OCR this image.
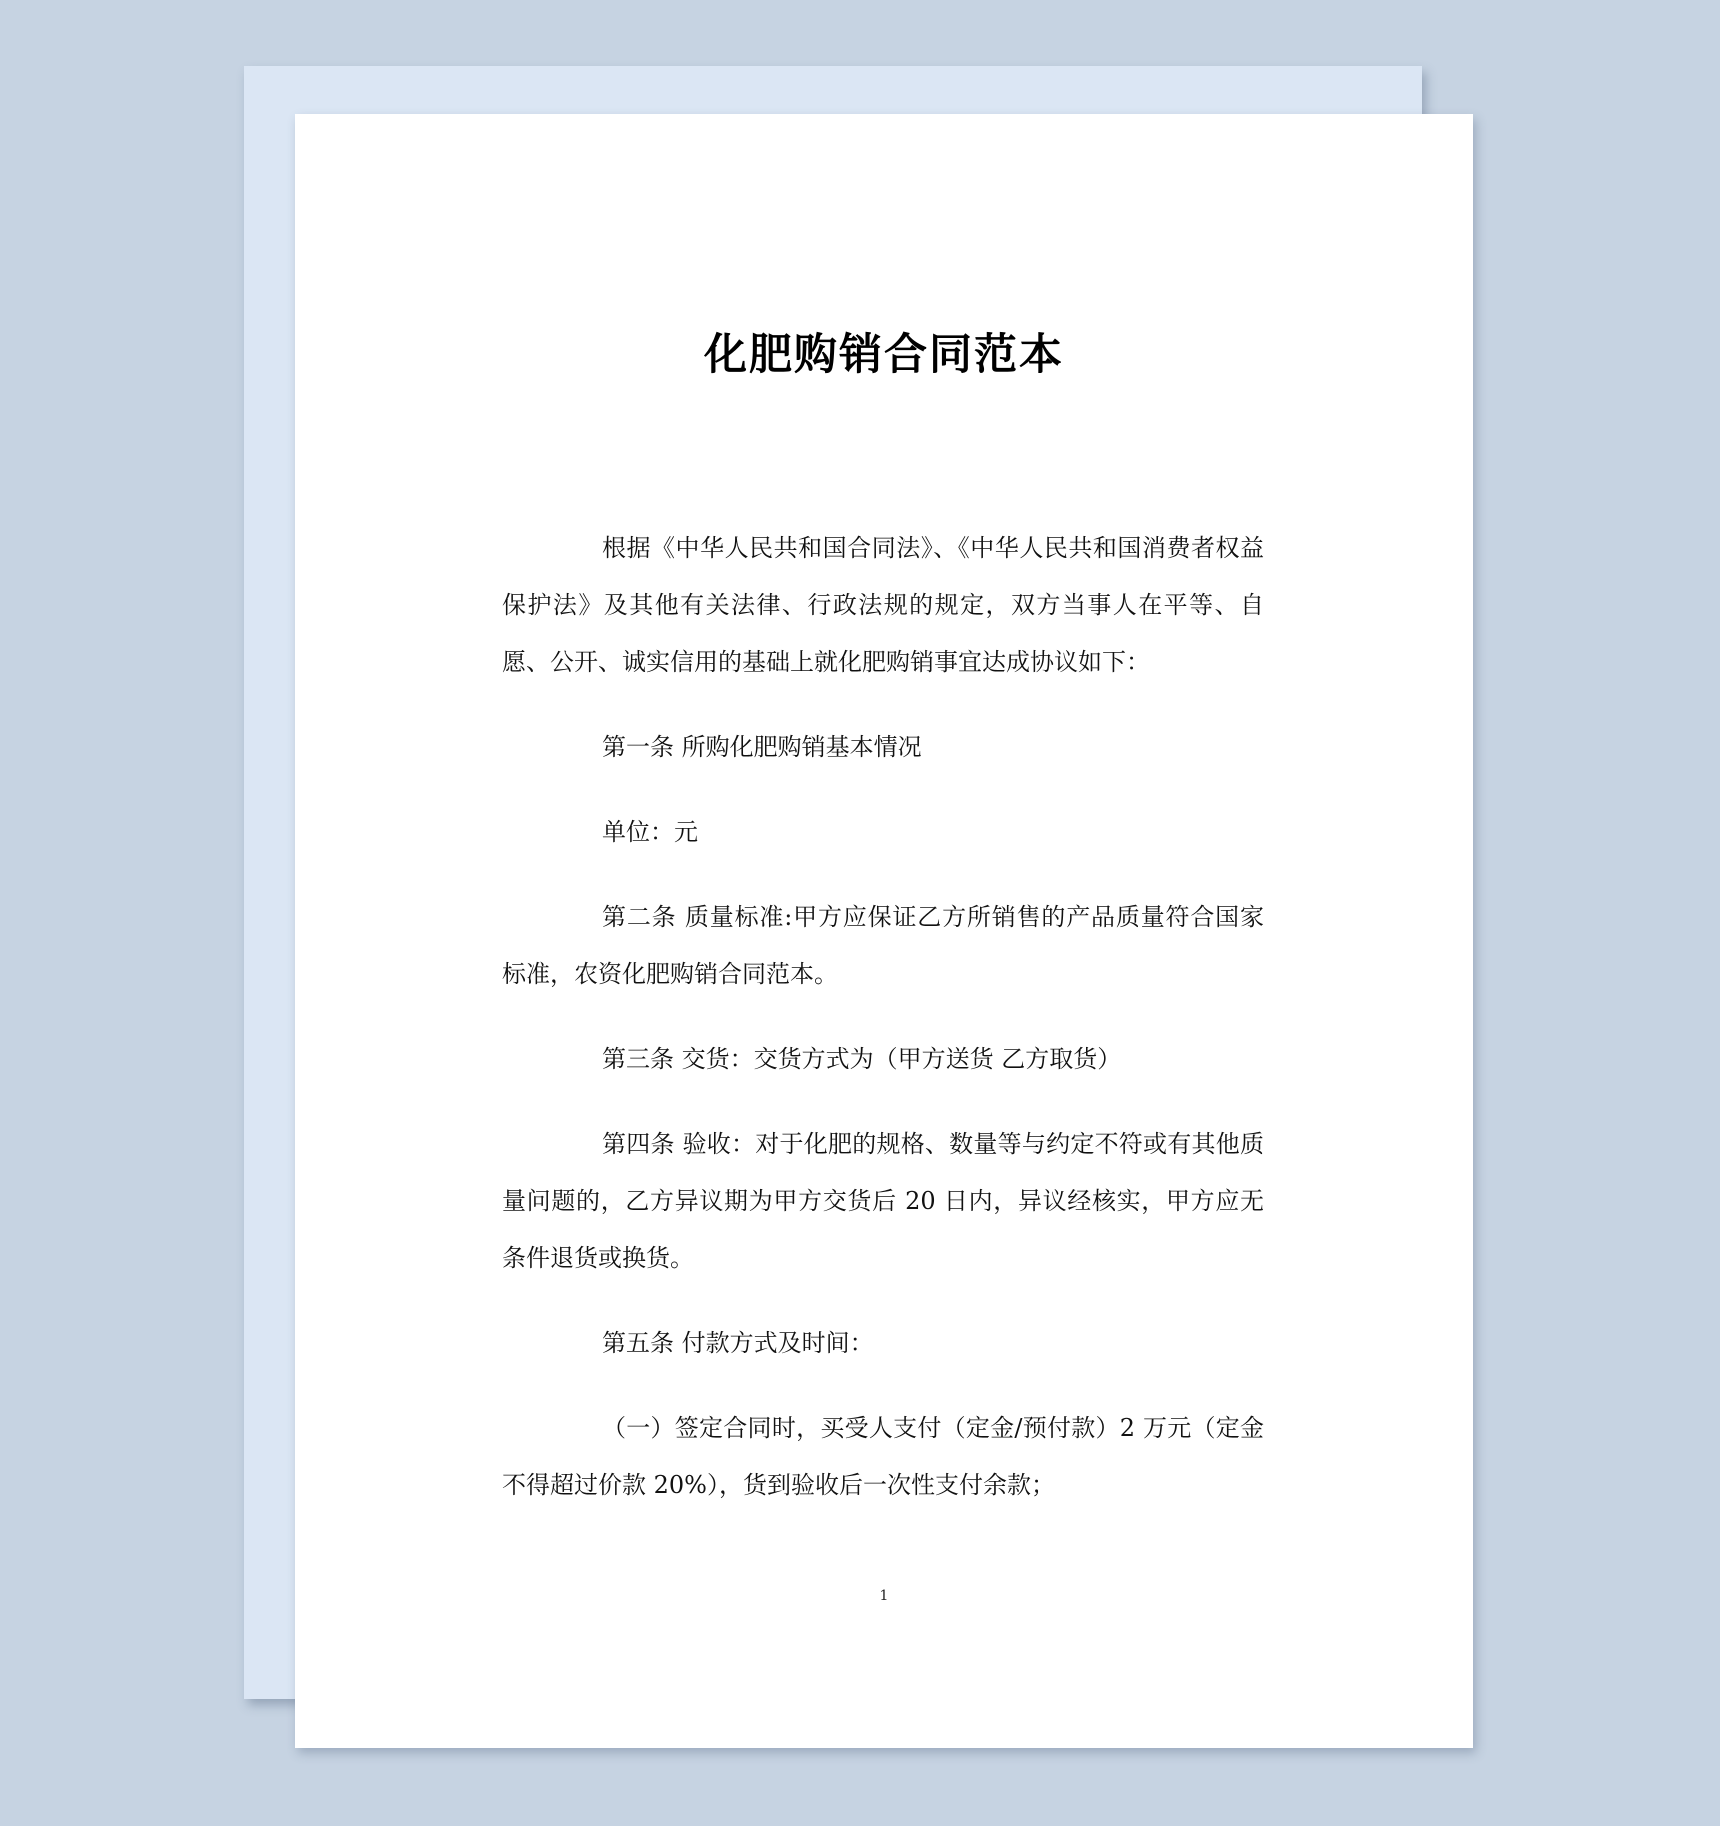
化肥购销合同范本

根据《中华人民共和国合同法》、《中华人民共和国消费者权益保护法》及其他有关法律、行政法规的规定，双方当事人在平等、自愿、公开、诚实信用的基础上就化肥购销事宜达成协议如下：

第一条 所购化肥购销基本情况

单位：元

第二条 质量标准:甲方应保证乙方所销售的产品质量符合国家标准，农资化肥购销合同范本。

第三条 交货：交货方式为（甲方送货 乙方取货）

第四条 验收：对于化肥的规格、数量等与约定不符或有其他质量问题的，乙方异议期为甲方交货后 20 日内，异议经核实，甲方应无条件退货或换货。

第五条 付款方式及时间：

（一）签定合同时，买受人支付（定金/预付款）2 万元（定金不得超过价款 20%），货到验收后一次性支付余款；

1
